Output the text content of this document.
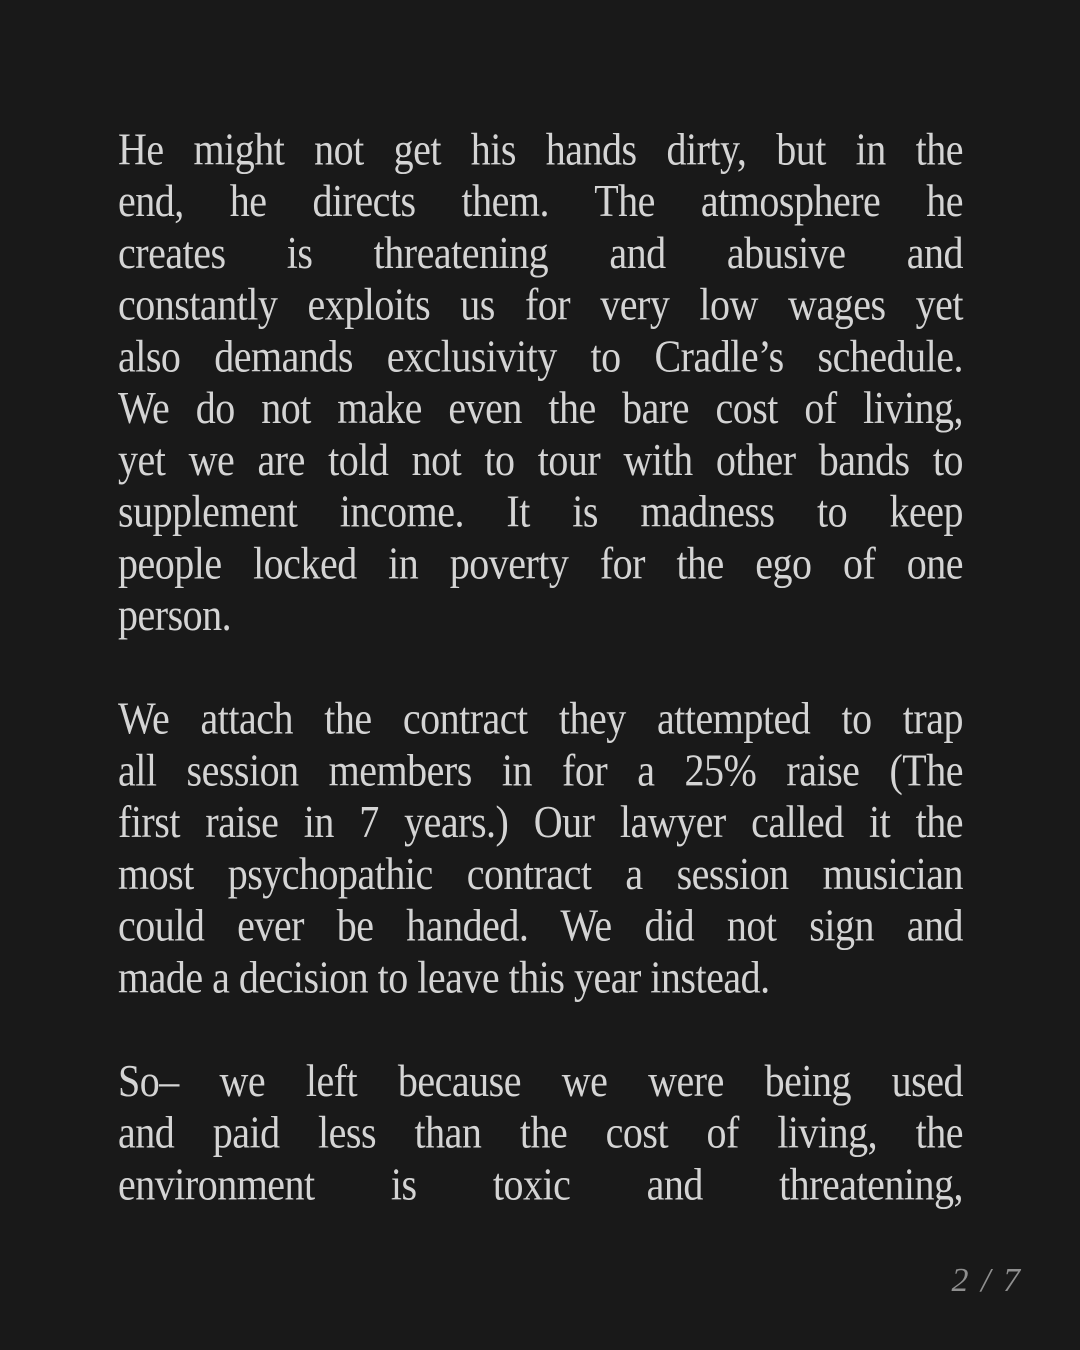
He might not get his hands dirty, but in the
end, he directs them. The atmosphere he
creates is threatening and abusive and
constantly exploits us for very low wages yet
also demands exclusivity to Cradle’s schedule.
We do not make even the bare cost of living,
yet we are told not to tour with other bands to
supplement income. It is madness to keep
people locked in poverty for the ego of one
person.
We attach the contract they attempted to trap
all session members in for a 25% raise (The
first raise in 7 years.) Our lawyer called it the
most psychopathic contract a session musician
could ever be handed. We did not sign and
made a decision to leave this year instead.
So– we left because we were being used
and paid less than the cost of living, the
environment is toxic and threatening,
2 / 7
